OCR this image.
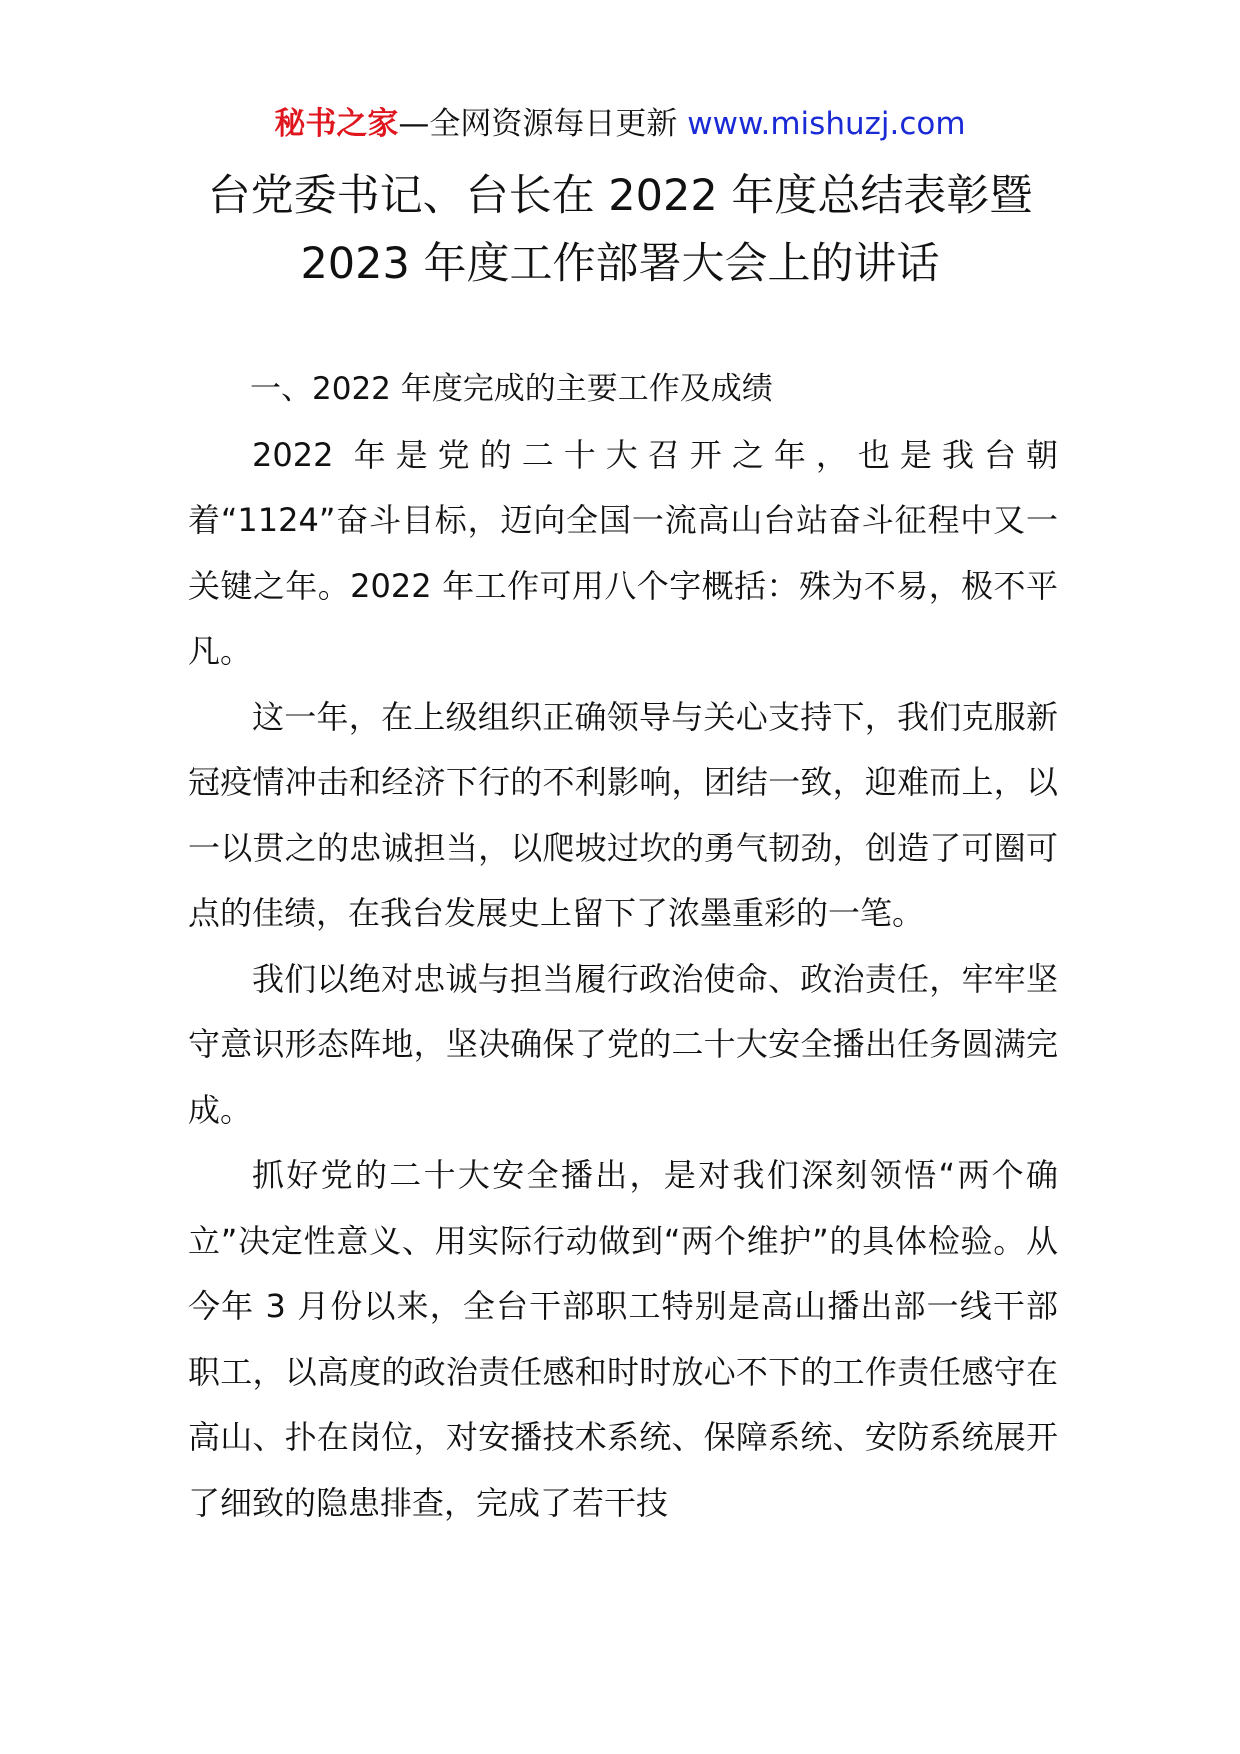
秘书之家—全网资源每日更新 www.mishuzj.com
台党委书记、台长在 2022 年度总结表彰暨
2023 年度工作部署大会上的讲话

一、2022 年度完成的主要工作及成绩

2022 年是党的二十大召开之年，也是我台朝着“1124”奋斗目标，迈向全国一流高山台站奋斗征程中又一关键之年。2022 年工作可用八个字概括：殊为不易，极不平凡。

这一年，在上级组织正确领导与关心支持下，我们克服新冠疫情冲击和经济下行的不利影响，团结一致，迎难而上，以一以贯之的忠诚担当，以爬坡过坎的勇气韧劲，创造了可圈可点的佳绩，在我台发展史上留下了浓墨重彩的一笔。

我们以绝对忠诚与担当履行政治使命、政治责任，牢牢坚守意识形态阵地，坚决确保了党的二十大安全播出任务圆满完成。

抓好党的二十大安全播出，是对我们深刻领悟“两个确立”决定性意义、用实际行动做到“两个维护”的具体检验。从今年 3 月份以来，全台干部职工特别是高山播出部一线干部职工，以高度的政治责任感和时时放心不下的工作责任感守在高山、扑在岗位，对安播技术系统、保障系统、安防系统展开了细致的隐患排查，完成了若干技
